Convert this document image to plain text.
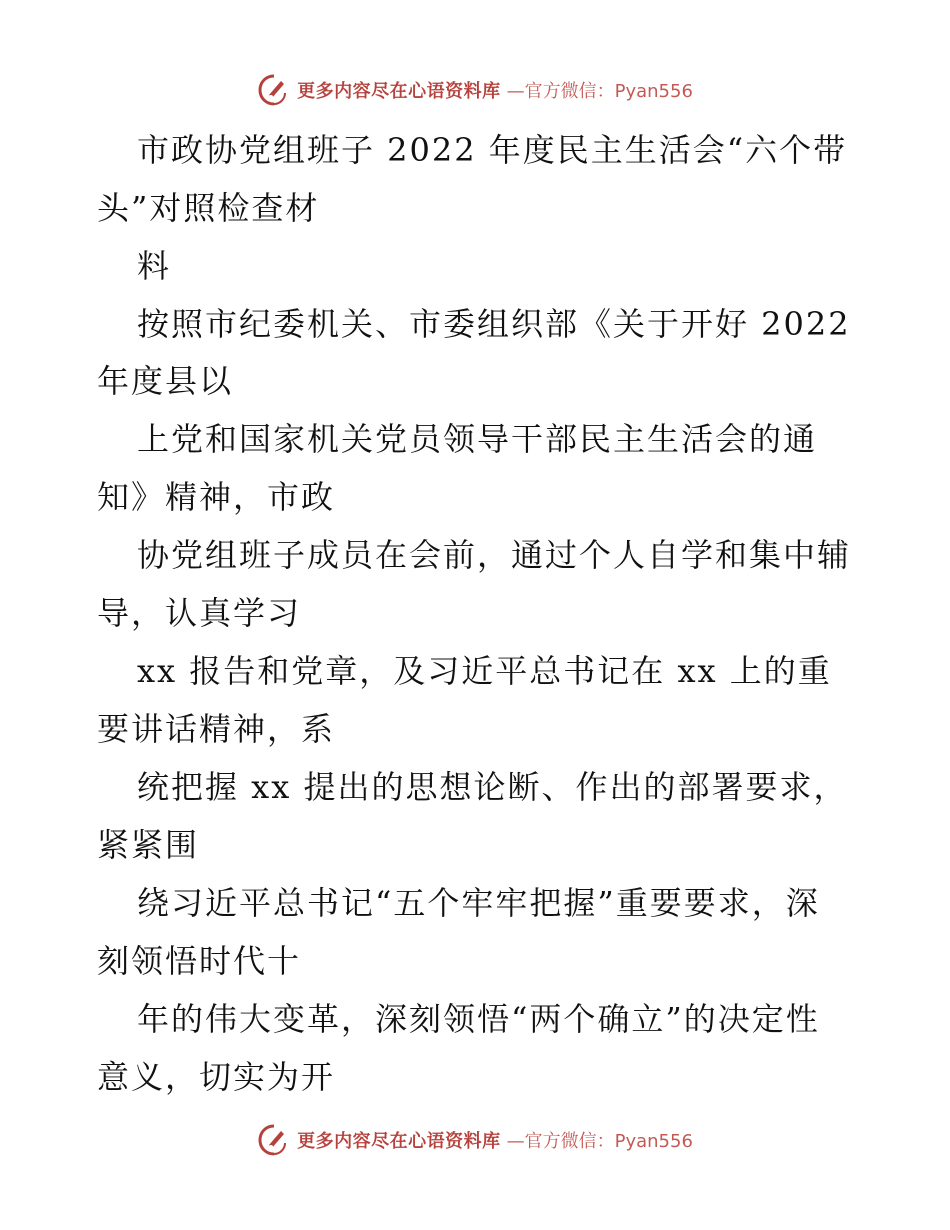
更多内容尽在心语资料库 —官方微信：Pyan556
市政协党组班子 2022 年度民主生活会“六个带
头”对照检查材
料
按照市纪委机关、市委组织部《关于开好 2022
年度县以
上党和国家机关党员领导干部民主生活会的通
知》精神，市政
协党组班子成员在会前，通过个人自学和集中辅
导，认真学习
xx 报告和党章，及习近平总书记在 xx 上的重
要讲话精神，系
统把握 xx 提出的思想论断、作出的部署要求，
紧紧围
绕习近平总书记“五个牢牢把握”重要要求，深
刻领悟时代十
年的伟大变革，深刻领悟“两个确立”的决定性
意义，切实为开
更多内容尽在心语资料库 —官方微信：Pyan556
